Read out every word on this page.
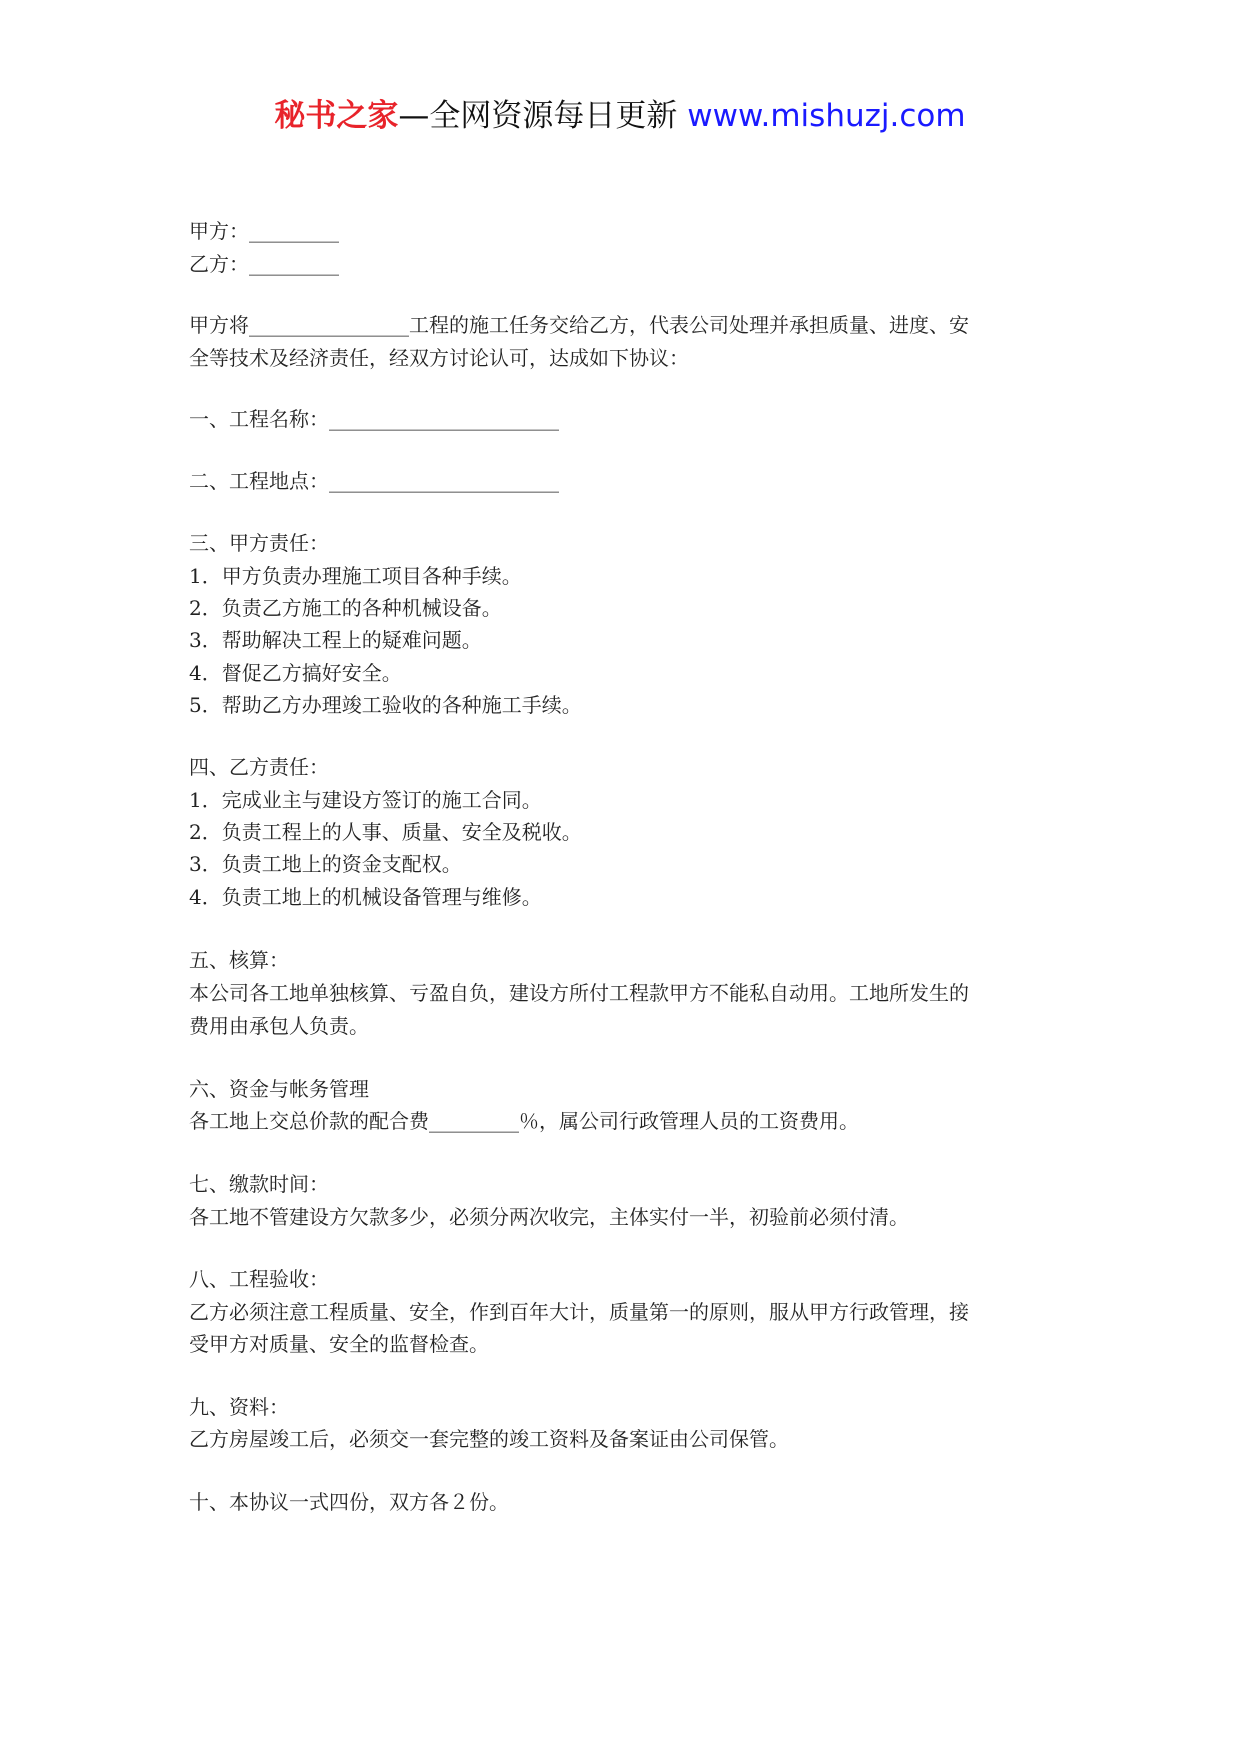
秘书之家—全网资源每日更新 www.mishuzj.com
甲方：_________
乙方：_________
甲方将________________工程的施工任务交给乙方，代表公司处理并承担质量、进度、安
全等技术及经济责任，经双方讨论认可，达成如下协议：
一、工程名称：_______________________
二、工程地点：_______________________
三、甲方责任：
1．甲方负责办理施工项目各种手续。
2．负责乙方施工的各种机械设备。
3．帮助解决工程上的疑难问题。
4．督促乙方搞好安全。
5．帮助乙方办理竣工验收的各种施工手续。
四、乙方责任：
1．完成业主与建设方签订的施工合同。
2．负责工程上的人事、质量、安全及税收。
3．负责工地上的资金支配权。
4．负责工地上的机械设备管理与维修。
五、核算：
本公司各工地单独核算、亏盈自负，建设方所付工程款甲方不能私自动用。工地所发生的
费用由承包人负责。
六、资金与帐务管理
各工地上交总价款的配合费_________％，属公司行政管理人员的工资费用。
七、缴款时间：
各工地不管建设方欠款多少，必须分两次收完，主体实付一半，初验前必须付清。
八、工程验收：
乙方必须注意工程质量、安全，作到百年大计，质量第一的原则，服从甲方行政管理，接
受甲方对质量、安全的监督检查。
九、资料：
乙方房屋竣工后，必须交一套完整的竣工资料及备案证由公司保管。
十、本协议一式四份，双方各２份。
